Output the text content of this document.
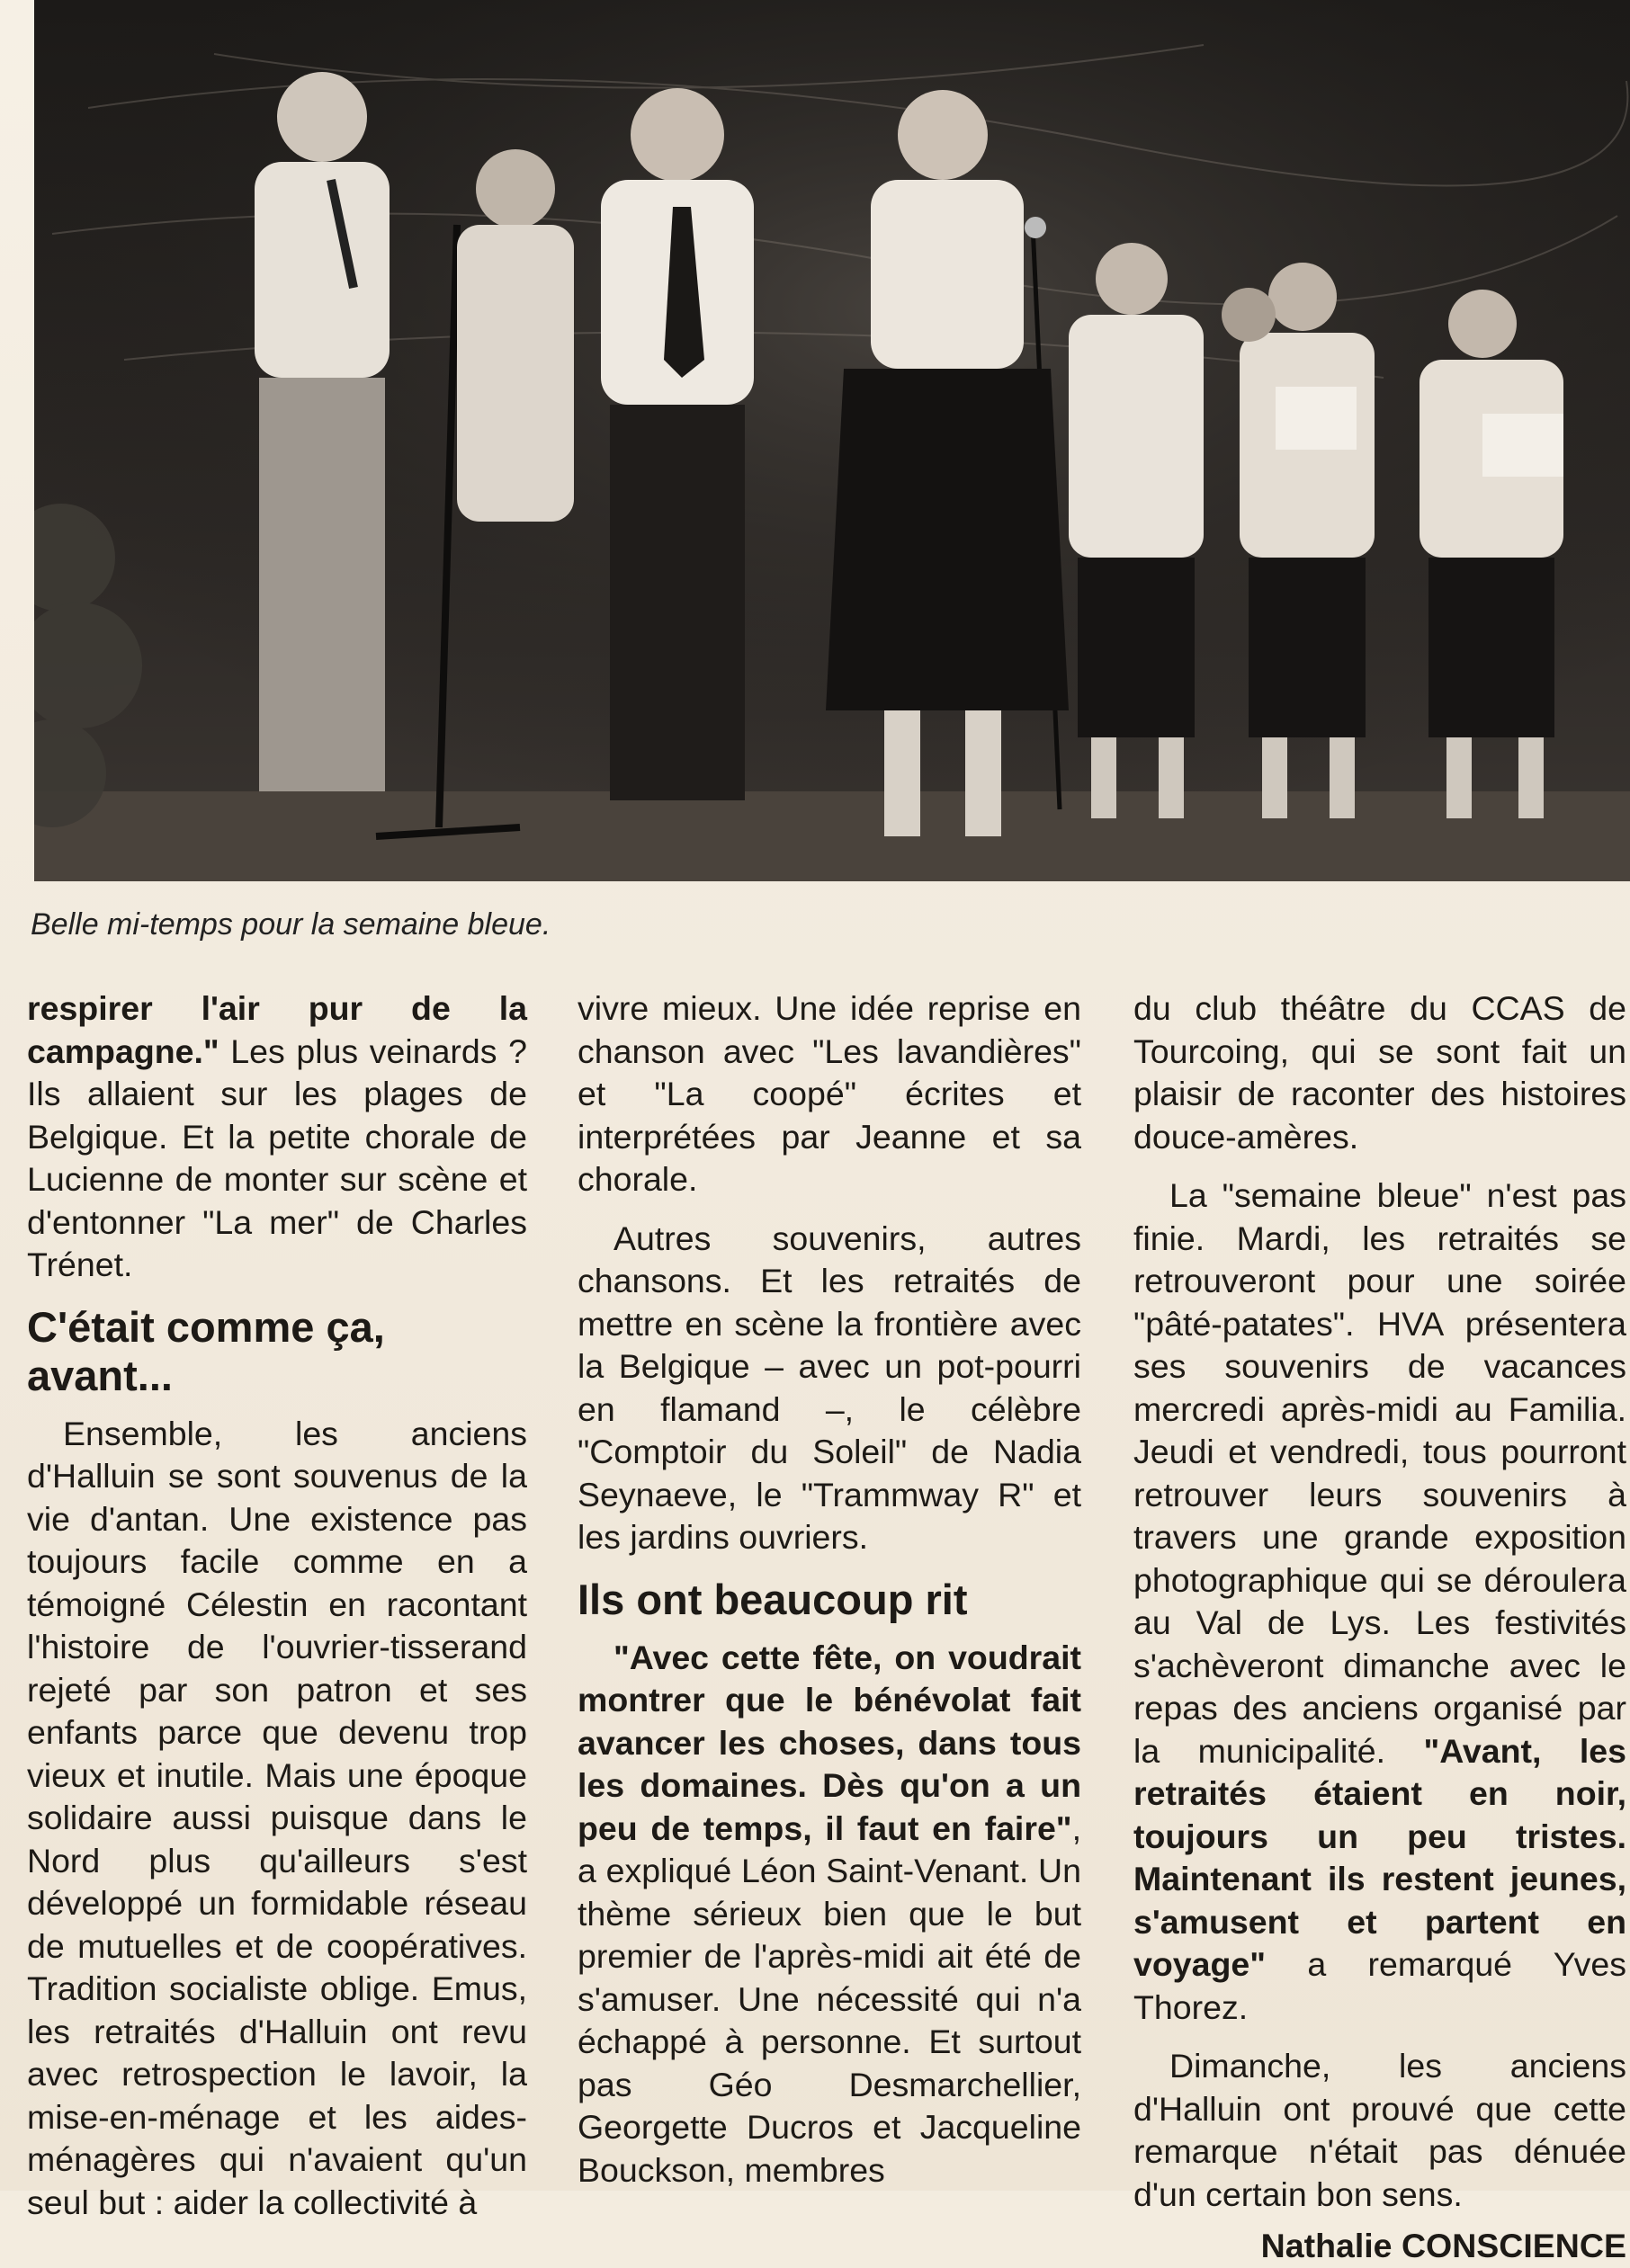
Belle mi-temps pour la semaine bleue.

respirer l'air pur de la campagne." Les plus veinards ? Ils allaient sur les plages de Belgique. Et la petite chorale de Lucienne de monter sur scène et d'entonner "La mer" de Charles Trénet.

C'était comme ça, avant...

Ensemble, les anciens d'Halluin se sont souvenus de la vie d'antan. Une existence pas toujours facile comme en a témoigné Célestin en racontant l'histoire de l'ouvrier-tisserand rejeté par son patron et ses enfants parce que devenu trop vieux et inutile. Mais une époque solidaire aussi puisque dans le Nord plus qu'ailleurs s'est développé un formidable réseau de mutuelles et de coopératives. Tradition socialiste oblige. Emus, les retraités d'Halluin ont revu avec retrospection le lavoir, la mise-en-ménage et les aides-ménagères qui n'avaient qu'un seul but : aider la collectivité à

vivre mieux. Une idée reprise en chanson avec "Les lavandières" et "La coopé" écrites et interprétées par Jeanne et sa chorale.

Autres souvenirs, autres chansons. Et les retraités de mettre en scène la frontière avec la Belgique – avec un pot-pourri en flamand –, le célèbre "Comptoir du Soleil" de Nadia Seynaeve, le "Trammway R" et les jardins ouvriers.

Ils ont beaucoup rit

"Avec cette fête, on voudrait montrer que le bénévolat fait avancer les choses, dans tous les domaines. Dès qu'on a un peu de temps, il faut en faire", a expliqué Léon Saint-Venant. Un thème sérieux bien que le but premier de l'après-midi ait été de s'amuser. Une nécessité qui n'a échappé à personne. Et surtout pas Géo Desmarchellier, Georgette Ducros et Jacqueline Bouckson, membres

du club théâtre du CCAS de Tourcoing, qui se sont fait un plaisir de raconter des histoires douce-amères.

La "semaine bleue" n'est pas finie. Mardi, les retraités se retrouveront pour une soirée "pâté-patates". HVA présentera ses souvenirs de vacances mercredi après-midi au Familia. Jeudi et vendredi, tous pourront retrouver leurs souvenirs à travers une grande exposition photographique qui se déroulera au Val de Lys. Les festivités s'achèveront dimanche avec le repas des anciens organisé par la municipalité. "Avant, les retraités étaient en noir, toujours un peu tristes. Maintenant ils restent jeunes, s'amusent et partent en voyage" a remarqué Yves Thorez.

Dimanche, les anciens d'Halluin ont prouvé que cette remarque n'était pas dénuée d'un certain bon sens.

Nathalie CONSCIENCE
